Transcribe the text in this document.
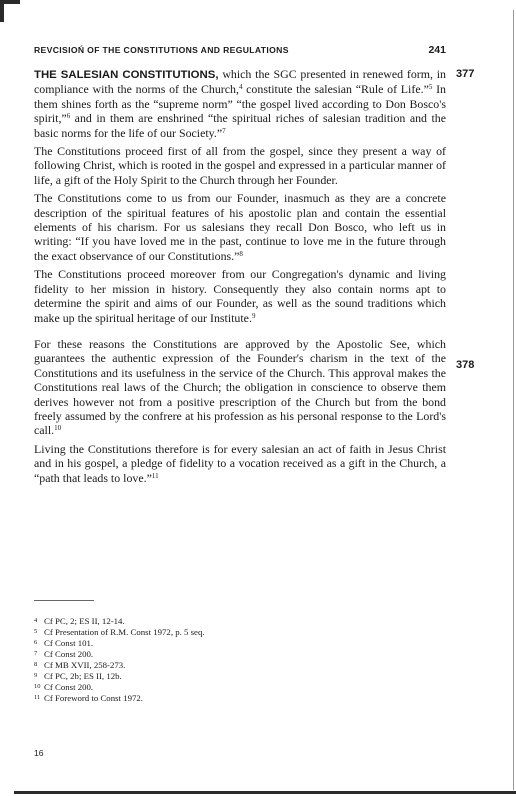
REVCISIOŃ OF THE CONSTITUTIONS AND REGULATIONS	241
377
378

THE SALESIAN CONSTITUTIONS, which the SGC presented in renewed form, in compliance with the norms of the Church,$^4$ constitute the salesian “Rule of Life.”$^5$ In them shines forth as the “supreme norm” “the gospel lived according to Don Bosco's spirit,”$^6$ and in them are enshrined “the spiritual riches of salesian tradition and the basic norms for the life of our Society.”$^7$

The Constitutions proceed first of all from the gospel, since they present a way of following Christ, which is rooted in the gospel and expressed in a particular manner of life, a gift of the Holy Spirit to the Church through her Founder.

The Constitutions come to us from our Founder, inasmuch as they are a concrete description of the spiritual features of his apostolic plan and contain the essential elements of his charism. For us salesians they recall Don Bosco, who left us in writing: “If you have loved me in the past, continue to love me in the future through the exact observance of our Constitutions.”$^8$

The Constitutions proceed moreover from our Congregation's dynamic and living fidelity to her mission in history. Consequently they also contain norms apt to determine the spirit and aims of our Founder, as well as the sound traditions which make up the spiritual heritage of our Institute.$^9$

For these reasons the Constitutions are approved by the Apostolic See, which guarantees the authentic expression of the Founder's charism in the text of the Constitutions and its usefulness in the service of the Church. This approval makes the Constitutions real laws of the Church; the obligation in conscience to observe them derives however not from a positive prescription of the Church but from the bond freely assumed by the confrere at his profession as his personal response to the Lord's call.$^{10}$

Living the Constitutions therefore is for every salesian an act of faith in Jesus Christ and in his gospel, a pledge of fidelity to a vocation received as a gift in the Church, a “path that leads to love.”$^{11}$

4 Cf PC, 2; ES II, 12-14.
5 Cf Presentation of R.M. Const 1972, p. 5 seq.
6 Cf Const 101.
7 Cf Const 200.
8 Cf MB XVII, 258-273.
9 Cf PC, 2b; ES II, 12b.
10 Cf Const 200.
11 Cf Foreword to Const 1972.
16
